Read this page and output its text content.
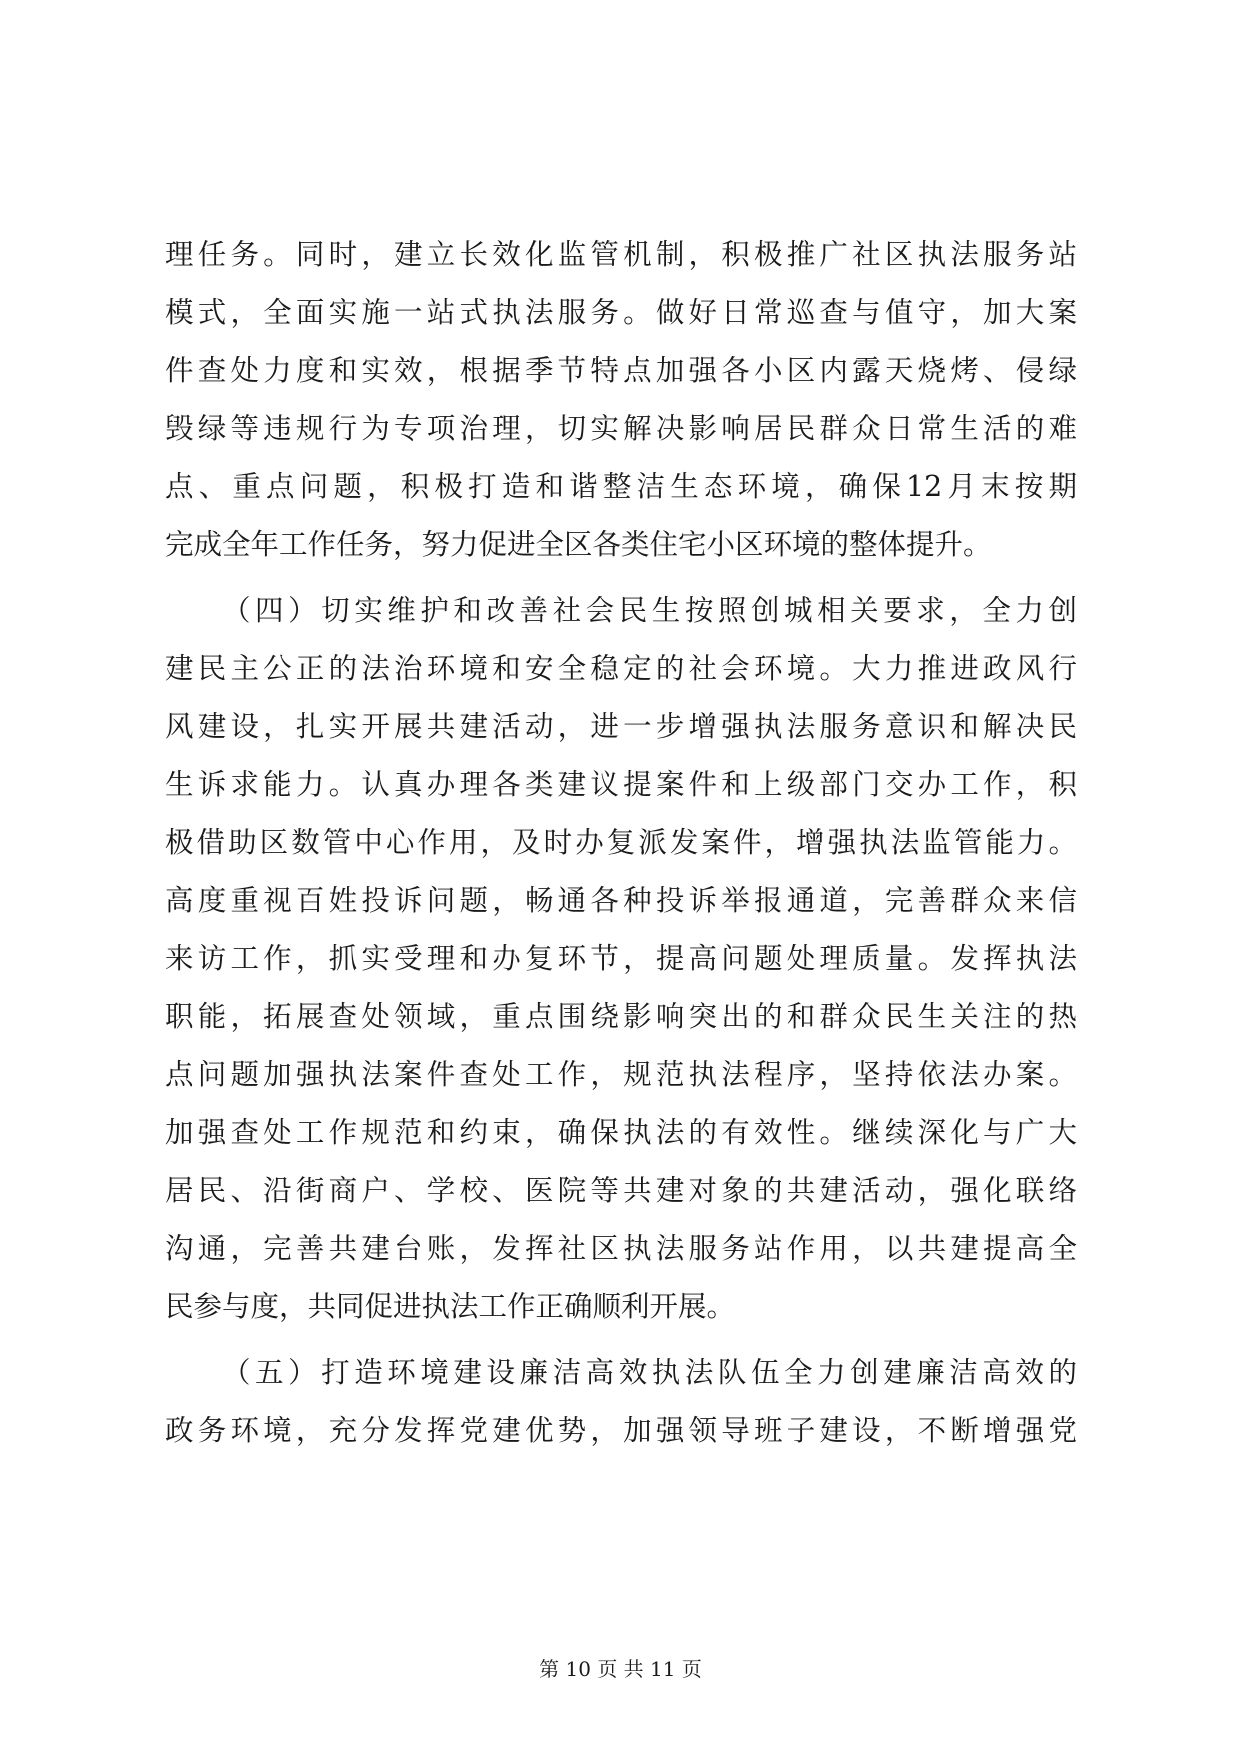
理任务。同时，建立长效化监管机制，积极推广社区执法服务站
模式，全面实施一站式执法服务。做好日常巡查与值守，加大案
件查处力度和实效，根据季节特点加强各小区内露天烧烤、侵绿
毁绿等违规行为专项治理，切实解决影响居民群众日常生活的难
点、重点问题，积极打造和谐整洁生态环境，确保12月末按期
完成全年工作任务，努力促进全区各类住宅小区环境的整体提升。
（四）切实维护和改善社会民生按照创城相关要求，全力创
建民主公正的法治环境和安全稳定的社会环境。大力推进政风行
风建设，扎实开展共建活动，进一步增强执法服务意识和解决民
生诉求能力。认真办理各类建议提案件和上级部门交办工作，积
极借助区数管中心作用，及时办复派发案件，增强执法监管能力。
高度重视百姓投诉问题，畅通各种投诉举报通道，完善群众来信
来访工作，抓实受理和办复环节，提高问题处理质量。发挥执法
职能，拓展查处领域，重点围绕影响突出的和群众民生关注的热
点问题加强执法案件查处工作，规范执法程序，坚持依法办案。
加强查处工作规范和约束，确保执法的有效性。继续深化与广大
居民、沿街商户、学校、医院等共建对象的共建活动，强化联络
沟通，完善共建台账，发挥社区执法服务站作用，以共建提高全
民参与度，共同促进执法工作正确顺利开展。
（五）打造环境建设廉洁高效执法队伍全力创建廉洁高效的
政务环境，充分发挥党建优势，加强领导班子建设，不断增强党
第 10 页 共 11 页
